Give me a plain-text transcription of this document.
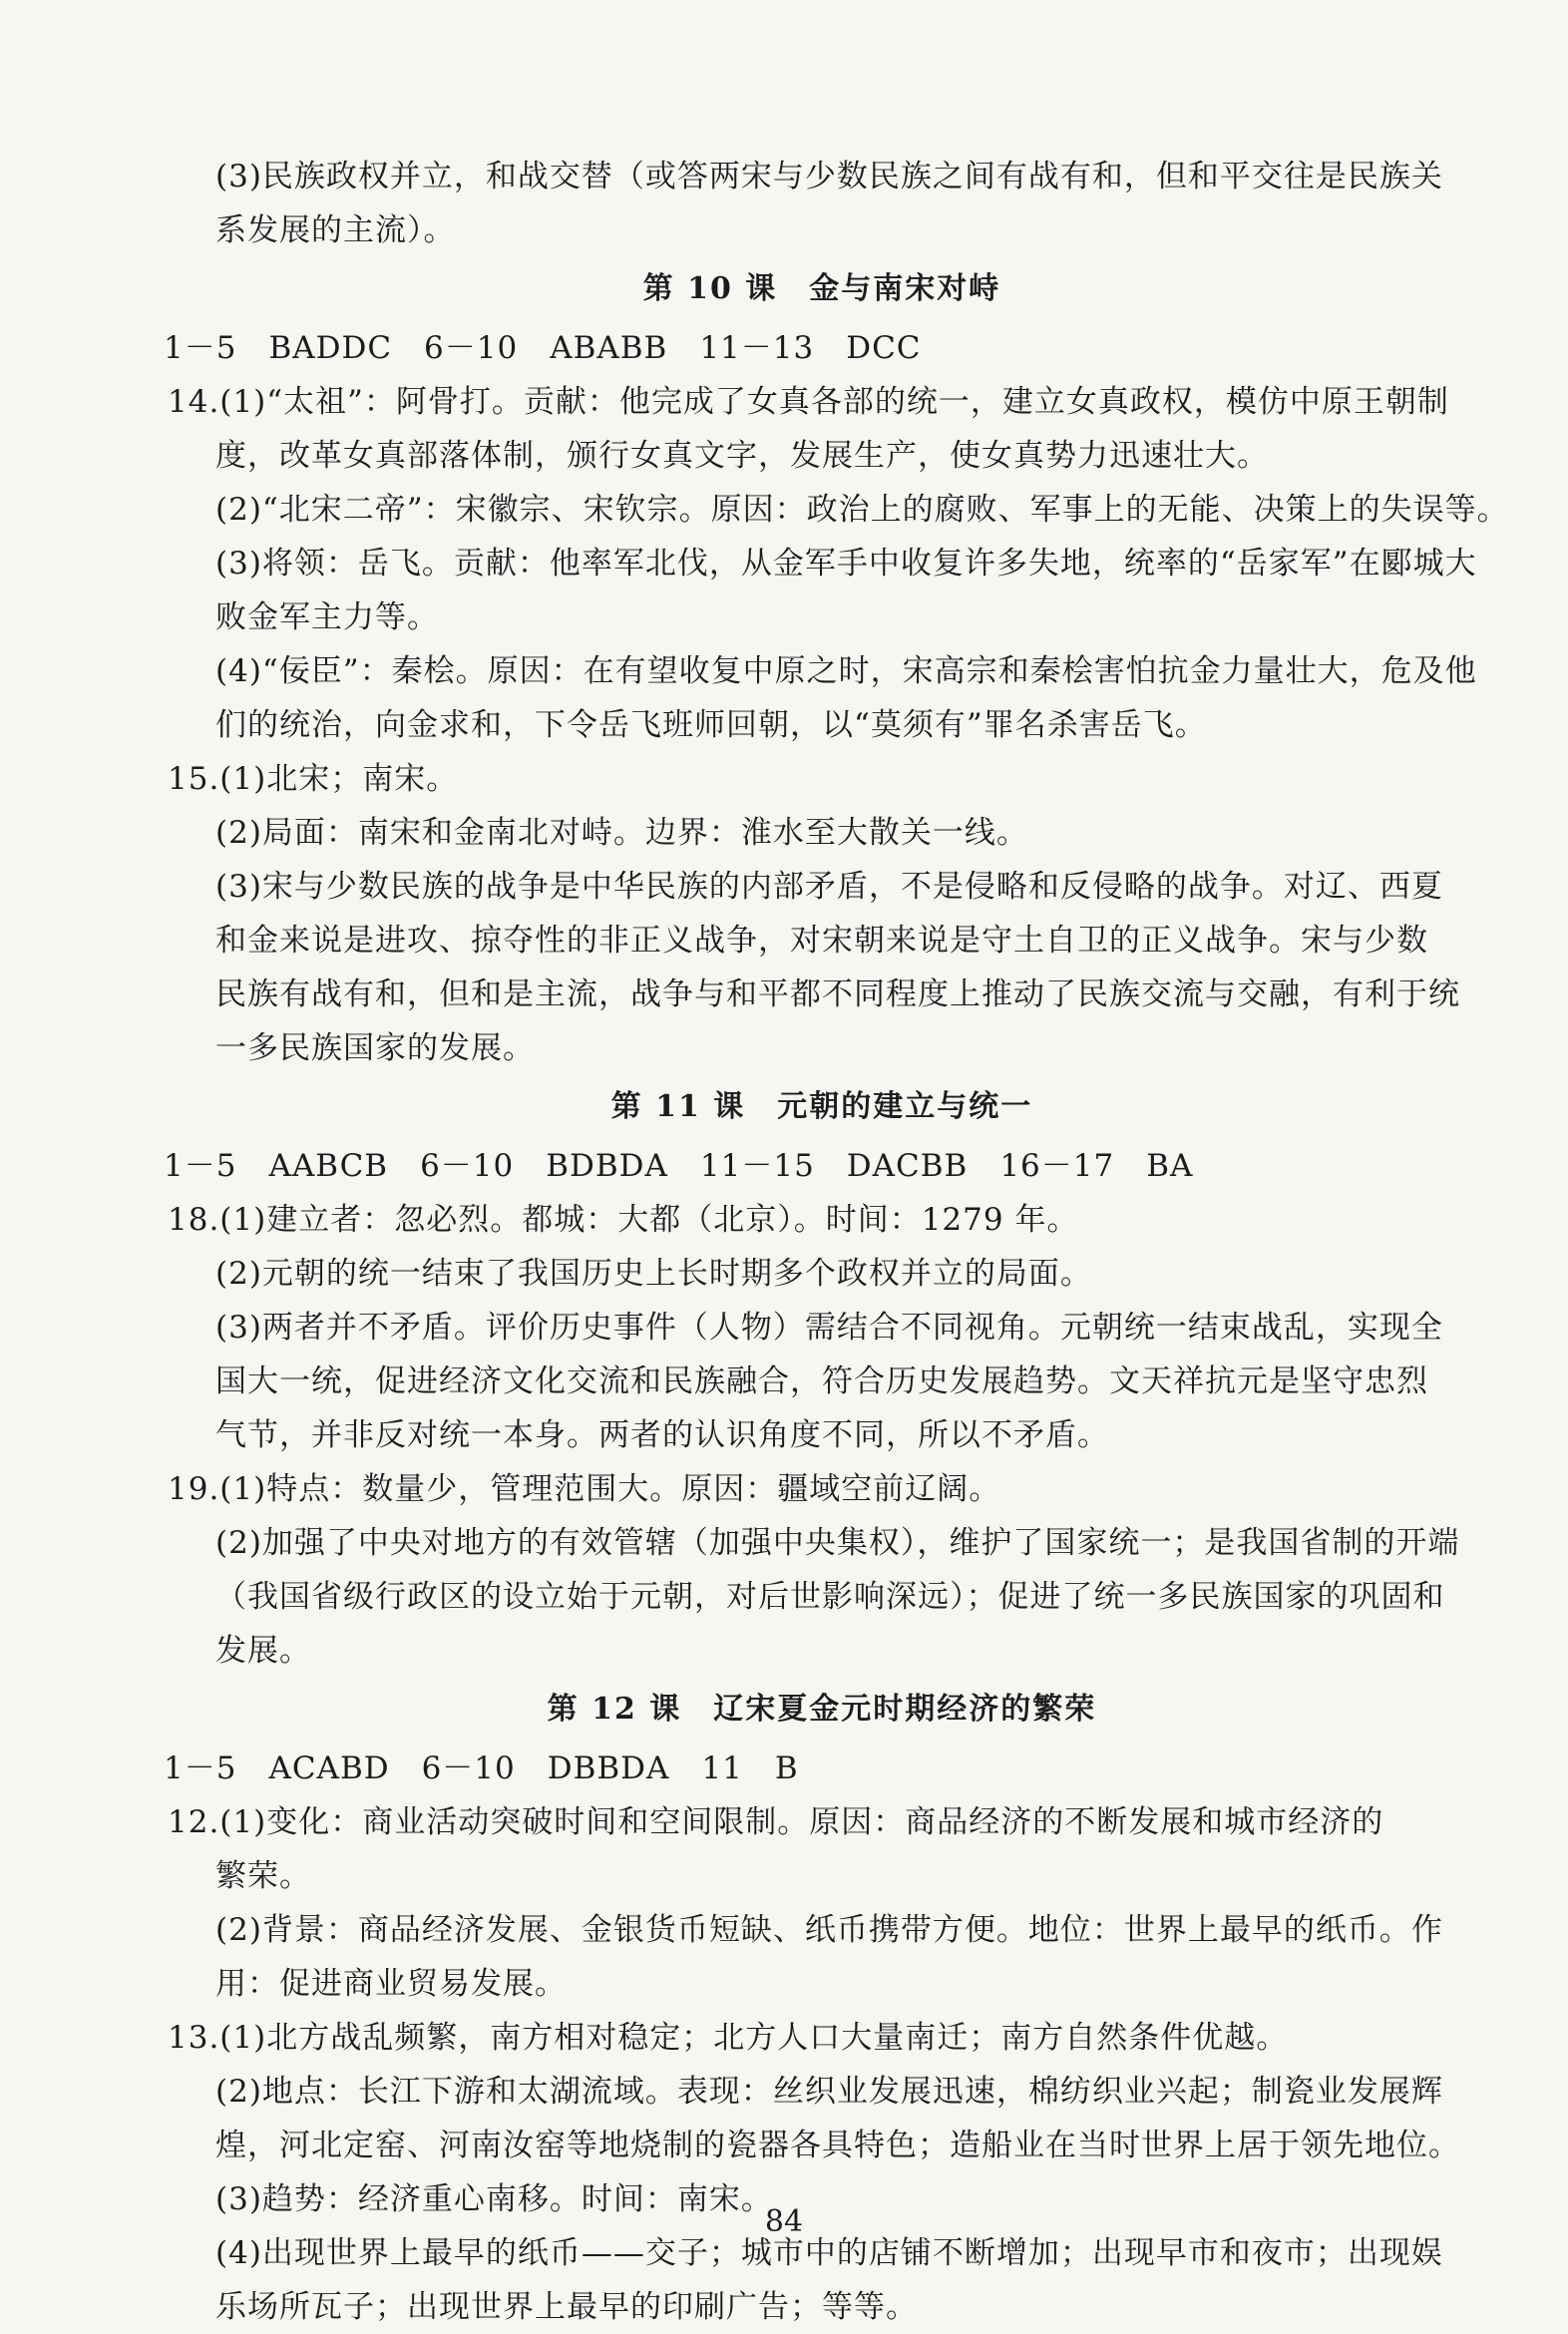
(3)民族政权并立，和战交替（或答两宋与少数民族之间有战有和，但和平交往是民族关
系发展的主流）。
第 10 课　金与南宋对峙
1－5　BADDC　6－10　ABABB　11－13　DCC
14.(1)“太祖”：阿骨打。贡献：他完成了女真各部的统一，建立女真政权，模仿中原王朝制
度，改革女真部落体制，颁行女真文字，发展生产，使女真势力迅速壮大。
(2)“北宋二帝”：宋徽宗、宋钦宗。原因：政治上的腐败、军事上的无能、决策上的失误等。
(3)将领：岳飞。贡献：他率军北伐，从金军手中收复许多失地，统率的“岳家军”在郾城大
败金军主力等。
(4)“佞臣”：秦桧。原因：在有望收复中原之时，宋高宗和秦桧害怕抗金力量壮大，危及他
们的统治，向金求和，下令岳飞班师回朝，以“莫须有”罪名杀害岳飞。
15.(1)北宋；南宋。
(2)局面：南宋和金南北对峙。边界：淮水至大散关一线。
(3)宋与少数民族的战争是中华民族的内部矛盾，不是侵略和反侵略的战争。对辽、西夏
和金来说是进攻、掠夺性的非正义战争，对宋朝来说是守土自卫的正义战争。宋与少数
民族有战有和，但和是主流，战争与和平都不同程度上推动了民族交流与交融，有利于统
一多民族国家的发展。
第 11 课　元朝的建立与统一
1－5　AABCB　6－10　BDBDA　11－15　DACBB　16－17　BA
18.(1)建立者：忽必烈。都城：大都（北京）。时间：1279 年。
(2)元朝的统一结束了我国历史上长时期多个政权并立的局面。
(3)两者并不矛盾。评价历史事件（人物）需结合不同视角。元朝统一结束战乱，实现全
国大一统，促进经济文化交流和民族融合，符合历史发展趋势。文天祥抗元是坚守忠烈
气节，并非反对统一本身。两者的认识角度不同，所以不矛盾。
19.(1)特点：数量少，管理范围大。原因：疆域空前辽阔。
(2)加强了中央对地方的有效管辖（加强中央集权），维护了国家统一；是我国省制的开端
（我国省级行政区的设立始于元朝，对后世影响深远）；促进了统一多民族国家的巩固和
发展。
第 12 课　辽宋夏金元时期经济的繁荣
1－5　ACABD　6－10　DBBDA　11　B
12.(1)变化：商业活动突破时间和空间限制。原因：商品经济的不断发展和城市经济的
繁荣。
(2)背景：商品经济发展、金银货币短缺、纸币携带方便。地位：世界上最早的纸币。作
用：促进商业贸易发展。
13.(1)北方战乱频繁，南方相对稳定；北方人口大量南迁；南方自然条件优越。
(2)地点：长江下游和太湖流域。表现：丝织业发展迅速，棉纺织业兴起；制瓷业发展辉
煌，河北定窑、河南汝窑等地烧制的瓷器各具特色；造船业在当时世界上居于领先地位。
(3)趋势：经济重心南移。时间：南宋。
(4)出现世界上最早的纸币——交子；城市中的店铺不断增加；出现早市和夜市；出现娱
乐场所瓦子；出现世界上最早的印刷广告；等等。
84
